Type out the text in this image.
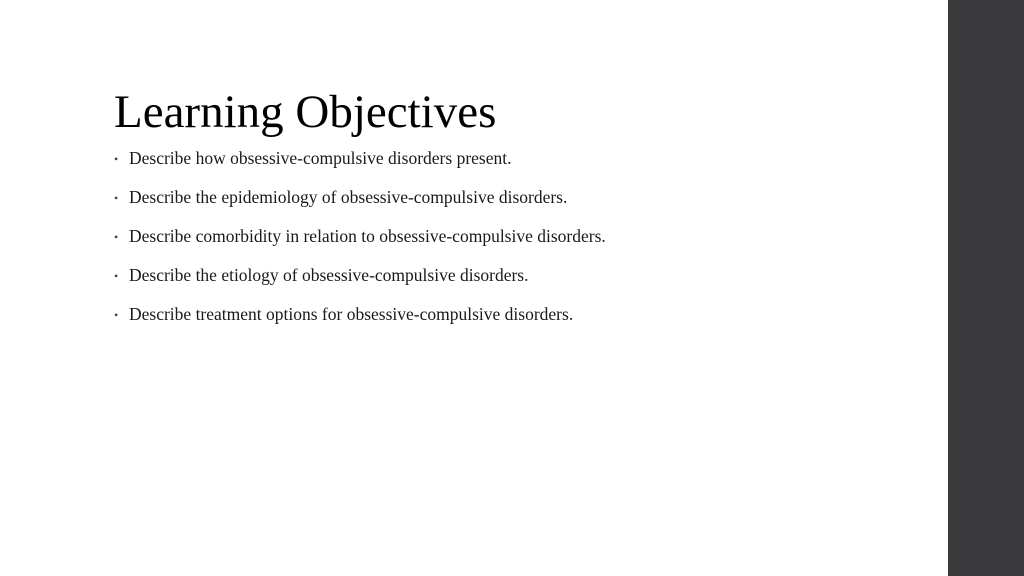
Learning Objectives
• Describe how obsessive-compulsive disorders present.
• Describe the epidemiology of obsessive-compulsive disorders.
• Describe comorbidity in relation to obsessive-compulsive disorders.
• Describe the etiology of obsessive-compulsive disorders.
• Describe treatment options for obsessive-compulsive disorders.
